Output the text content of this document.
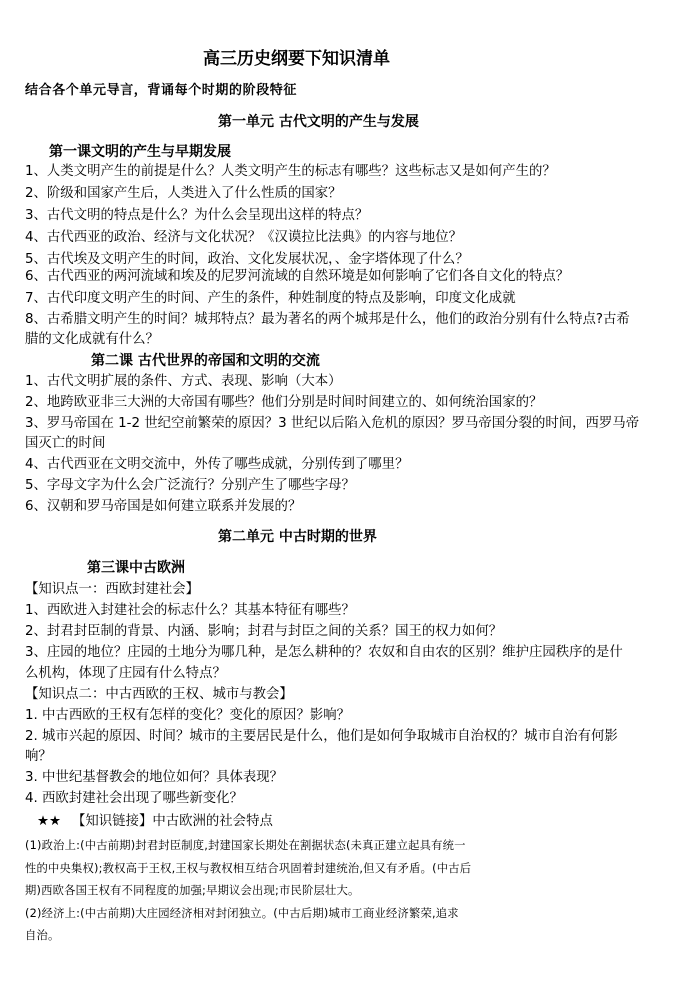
高三历史纲要下知识清单
结合各个单元导言，背诵每个时期的阶段特征
第一单元 古代文明的产生与发展
第一课文明的产生与早期发展
1、人类文明产生的前提是什么？人类文明产生的标志有哪些？这些标志又是如何产生的？
2、阶级和国家产生后，人类进入了什么性质的国家？
3、古代文明的特点是什么？为什么会呈现出这样的特点？
4、古代西亚的政治、经济与文化状况？《汉谟拉比法典》的内容与地位？
5、古代埃及文明产生的时间，政治、文化发展状况，、金字塔体现了什么？
6、古代西亚的两河流域和埃及的尼罗河流域的自然环境是如何影响了它们各自文化的特点？
7、古代印度文明产生的时间、产生的条件，种姓制度的特点及影响，印度文化成就
8、古希腊文明产生的时间？城邦特点？最为著名的两个城邦是什么，他们的政治分别有什么特点?古希
腊的文化成就有什么？
第二课 古代世界的帝国和文明的交流
1、古代文明扩展的条件、方式、表现、影响（大本）
2、地跨欧亚非三大洲的大帝国有哪些？他们分别是时间时间建立的、如何统治国家的？
3、罗马帝国在 1-2 世纪空前繁荣的原因？3 世纪以后陷入危机的原因？罗马帝国分裂的时间，西罗马帝
国灭亡的时间
4、古代西亚在文明交流中，外传了哪些成就，分别传到了哪里？
5、字母文字为什么会广泛流行？分别产生了哪些字母？
6、汉朝和罗马帝国是如何建立联系并发展的？
第二单元 中古时期的世界
第三课中古欧洲
【知识点一：西欧封建社会】
1、西欧进入封建社会的标志什么？其基本特征有哪些？
2、封君封臣制的背景、内涵、影响；封君与封臣之间的关系？国王的权力如何？
3、庄园的地位？庄园的土地分为哪几种，是怎么耕种的？农奴和自由农的区别？维护庄园秩序的是什
么机构，体现了庄园有什么特点？
【知识点二：中古西欧的王权、城市与教会】
1. 中古西欧的王权有怎样的变化？变化的原因？影响？
2. 城市兴起的原因、时间？城市的主要居民是什么，他们是如何争取城市自治权的？城市自治有何影
响？
3. 中世纪基督教会的地位如何？具体表现？
4. 西欧封建社会出现了哪些新变化？
★★ 【知识链接】中古欧洲的社会特点
(1)政治上:(中古前期)封君封臣制度,封建国家长期处在割据状态(未真正建立起具有统一
性的中央集权);教权高于王权,王权与教权相互结合巩固着封建统治,但又有矛盾。(中古后
期)西欧各国王权有不同程度的加强;早期议会出现;市民阶层壮大。
(2)经济上:(中古前期)大庄园经济相对封闭独立。(中古后期)城市工商业经济繁荣,追求
自治。
